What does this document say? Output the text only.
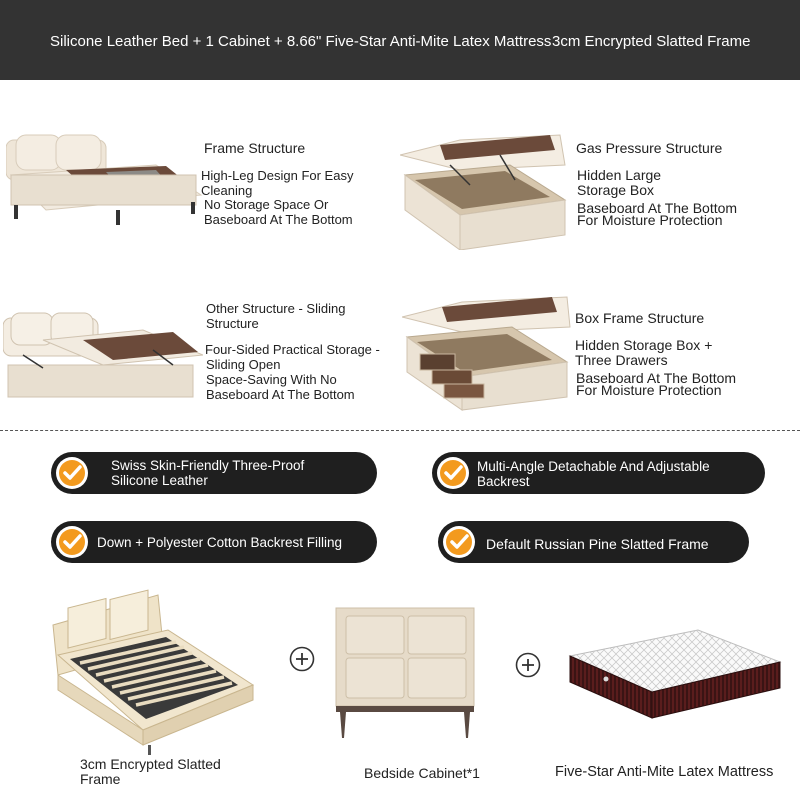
Silicone Leather Bed + 1 Cabinet + 8.66" Five-Star Anti-Mite Latex Mattress 3cm Encrypted Slatted Frame
Frame Structure
High-Leg Design For Easy
Cleaning
No Storage Space Or
Baseboard At The Bottom
Gas Pressure Structure
Hidden Large
Storage Box
Baseboard At The Bottom
For Moisture Protection
Other Structure - Sliding
Structure
Four-Sided Practical Storage -
Sliding Open
Space-Saving With No
Baseboard At The Bottom
Box Frame Structure
Hidden Storage Box +
Three Drawers
Baseboard At The Bottom
For Moisture Protection
Swiss Skin-Friendly Three-Proof
Silicone Leather
Multi-Angle Detachable And Adjustable
Backrest
Down + Polyester Cotton Backrest Filling	Default Russian Pine Slatted Frame
3cm Encrypted Slatted
Frame	Bedside Cabinet*1	Five-Star Anti-Mite Latex Mattress
